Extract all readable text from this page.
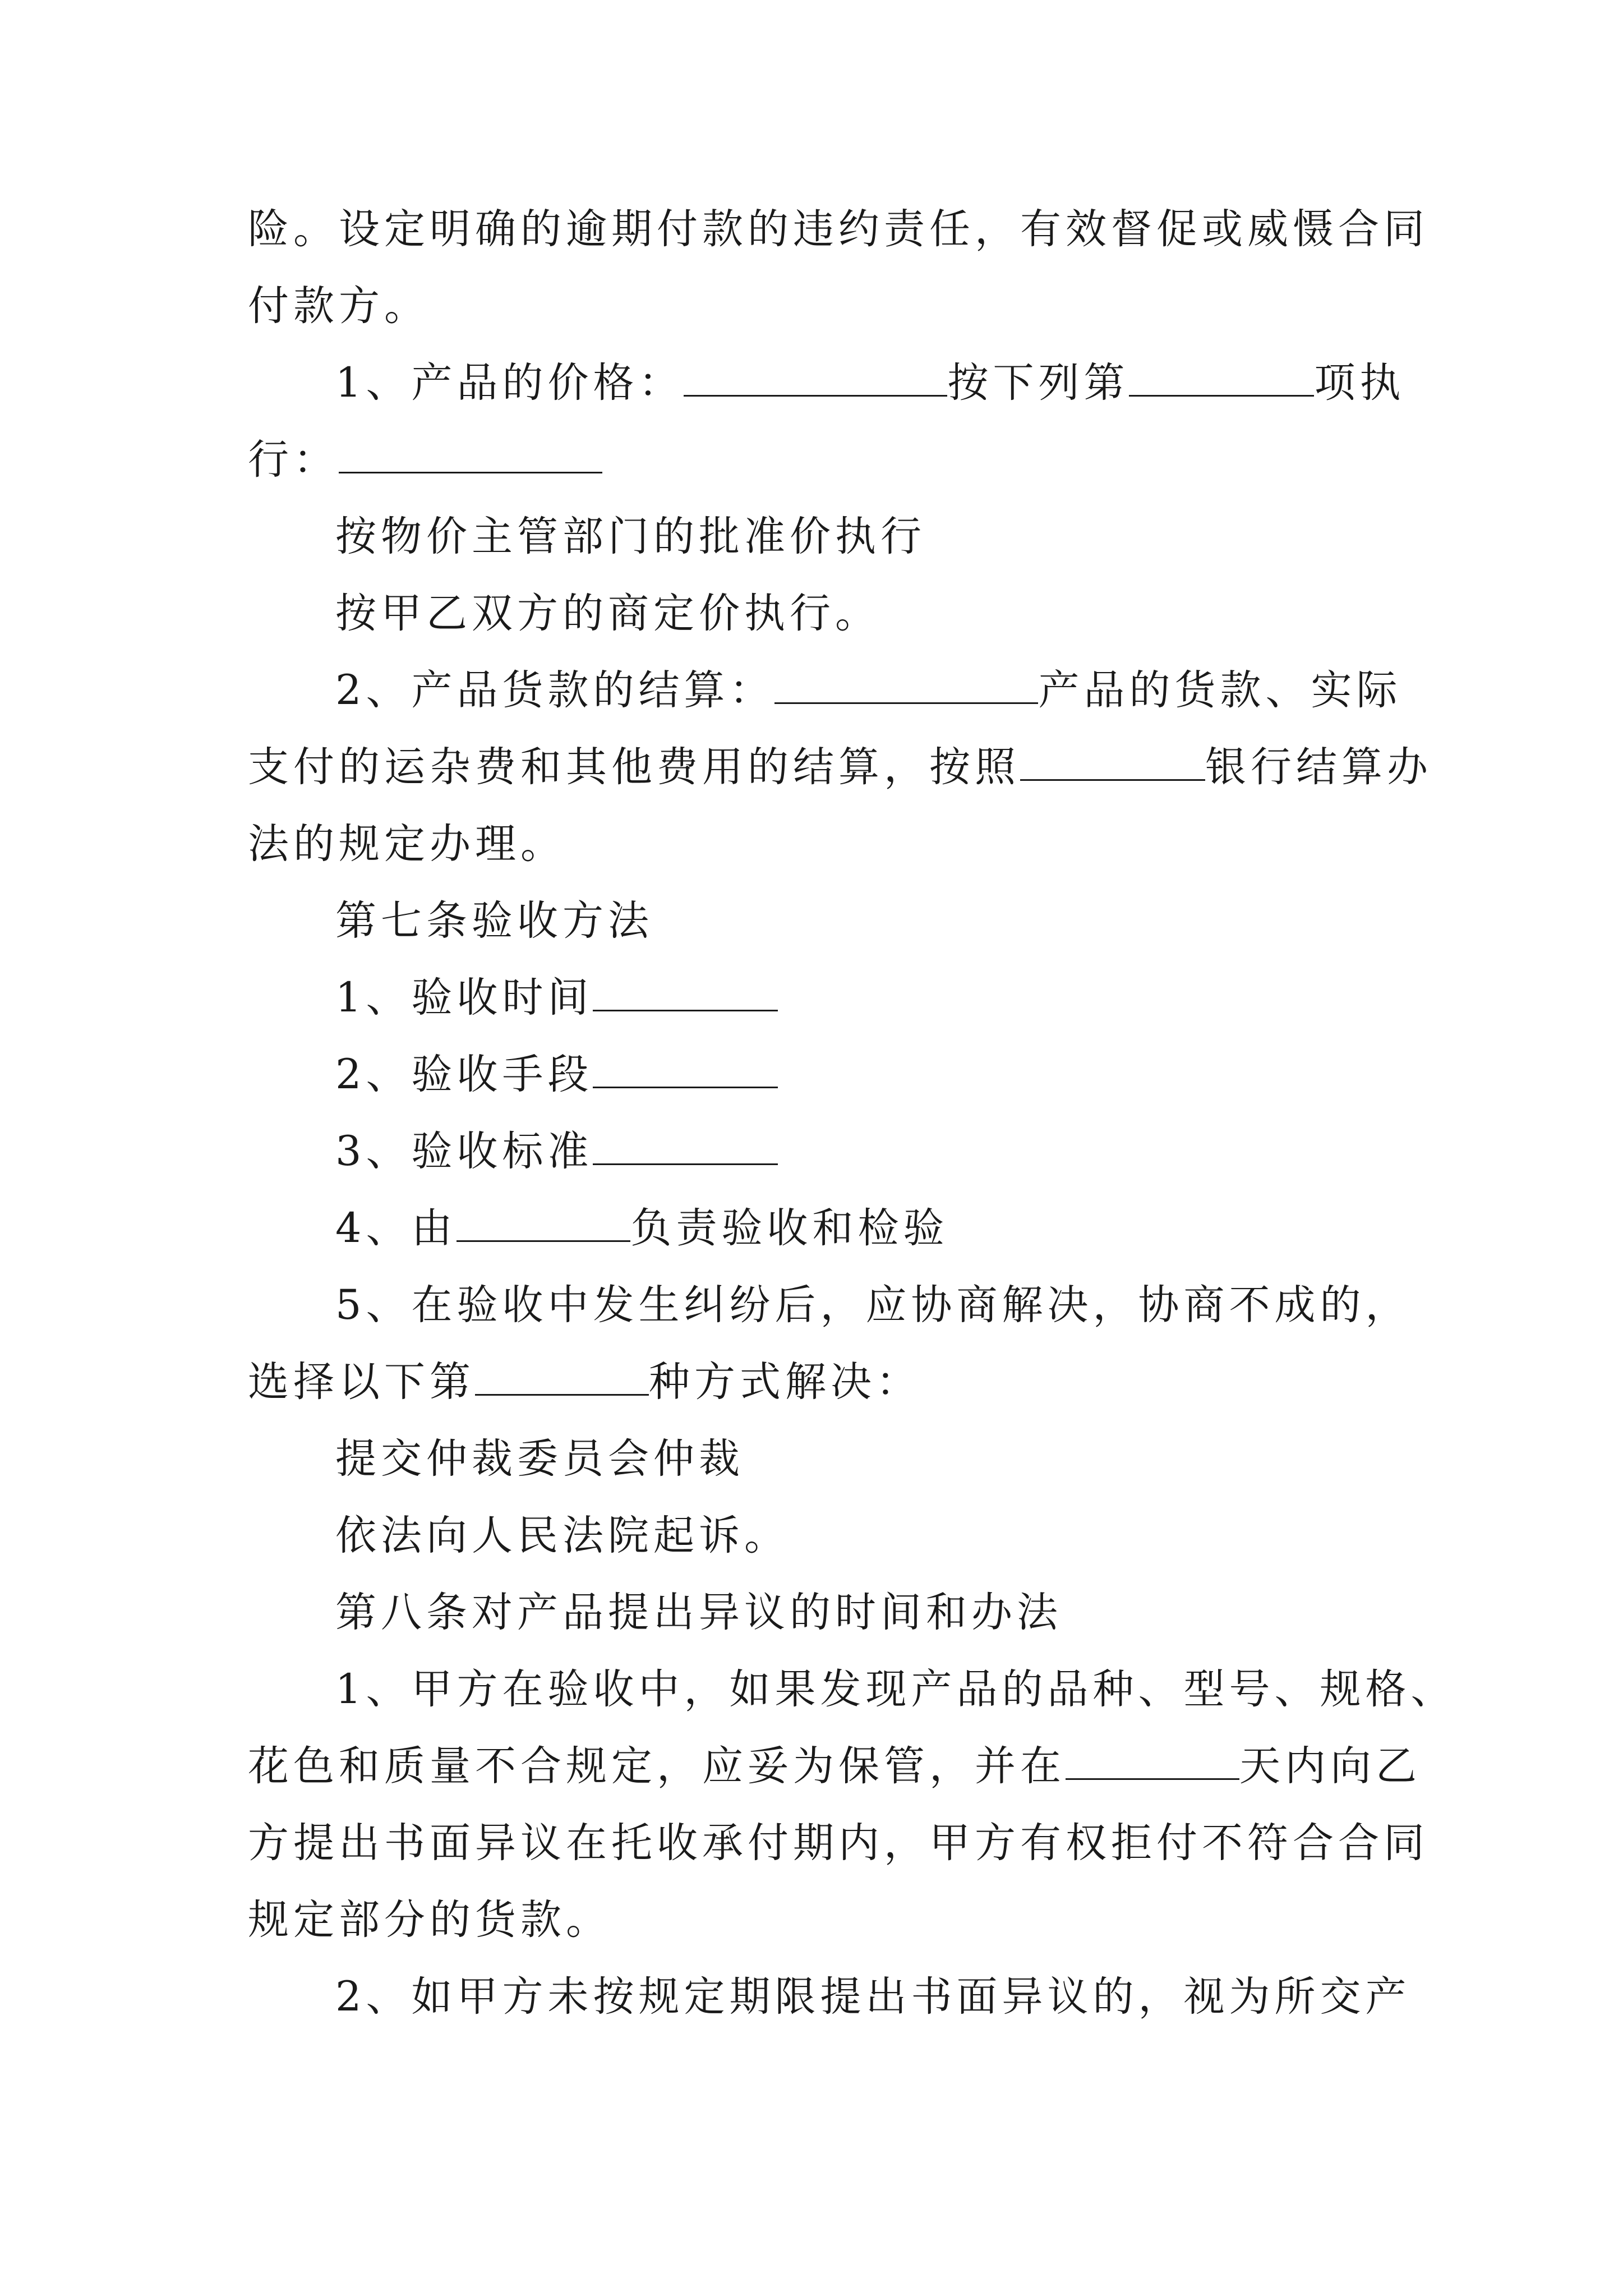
险。设定明确的逾期付款的违约责任，有效督促或威慑合同
付款方。
1、产品的价格：	按下列第	项执
行：
按物价主管部门的批准价执行
按甲乙双方的商定价执行。
2、产品货款的结算：	产品的货款、实际
支付的运杂费和其他费用的结算，按照	银行结算办
法的规定办理。
第七条验收方法
1、验收时间
2、验收手段
3、验收标准
4、由	负责验收和检验
5、在验收中发生纠纷后，应协商解决，协商不成的，
选择以下第	种方式解决：
提交仲裁委员会仲裁
依法向人民法院起诉。
第八条对产品提出异议的时间和办法
1、甲方在验收中，如果发现产品的品种、型号、规格、
花色和质量不合规定，应妥为保管，并在	天内向乙
方提出书面异议在托收承付期内，甲方有权拒付不符合合同
规定部分的货款。
2、如甲方未按规定期限提出书面异议的，视为所交产
